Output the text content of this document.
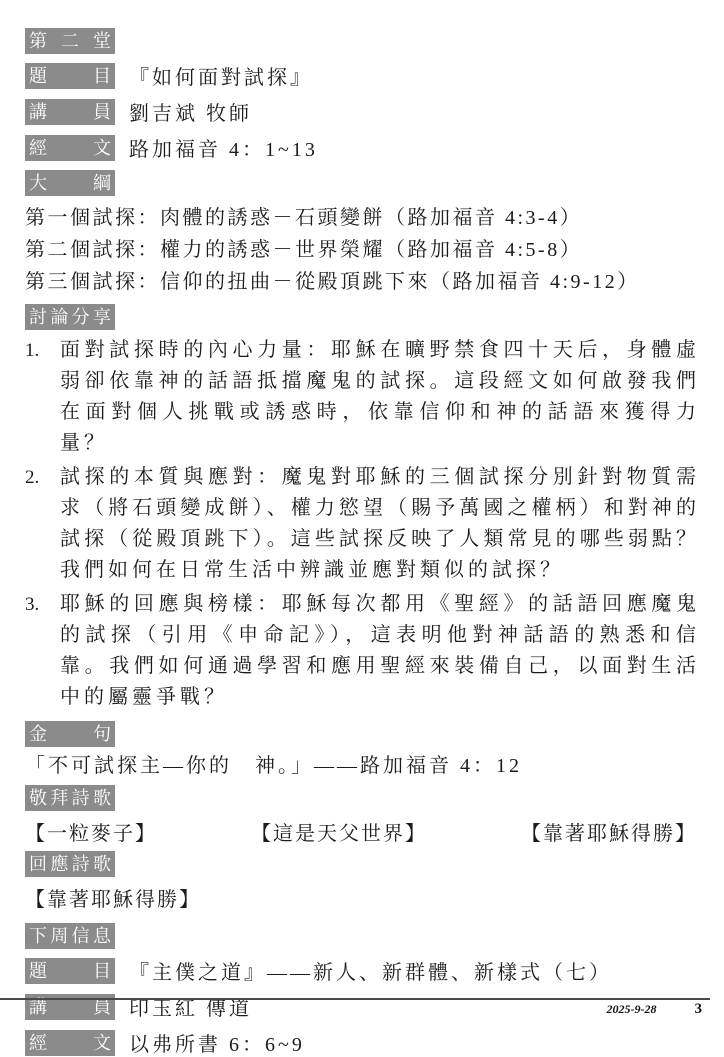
第二堂
題目 『如何面對試探』
講員 劉吉斌 牧師
經文 路加福音 4：1~13
大綱
第一個試探：肉體的誘惑－石頭變餅（路加福音 4:3-4）
第二個試探：權力的誘惑－世界榮耀（路加福音 4:5-8）
第三個試探：信仰的扭曲－從殿頂跳下來（路加福音 4:9-12）
討論分享
1.	面對試探時的內心力量：耶穌在曠野禁食四十天后，身體虛弱卻依靠神的話語抵擋魔鬼的試探。這段經文如何啟發我們在面對個人挑戰或誘惑時，依靠信仰和神的話語來獲得力量？
2.	試探的本質與應對：魔鬼對耶穌的三個試探分別針對物質需求（將石頭變成餅）、權力慾望（賜予萬國之權柄）和對神的試探（從殿頂跳下）。這些試探反映了人類常見的哪些弱點？我們如何在日常生活中辨識並應對類似的試探？
3.	耶穌的回應與榜樣：耶穌每次都用《聖經》的話語回應魔鬼的試探（引用《申命記》），這表明他對神話語的熟悉和信靠。我們如何通過學習和應用聖經來裝備自己，以面對生活中的屬靈爭戰？
金句
「不可試探主—你的　神。」——路加福音 4：12
敬拜詩歌
【一粒麥子】	【這是天父世界】	【靠著耶穌得勝】
回應詩歌
【靠著耶穌得勝】
下周信息
題目 『主僕之道』——新人、新群體、新樣式（七）
講員 印玉紅 傳道
經文 以弗所書 6：6~9
2025-9-28	3
